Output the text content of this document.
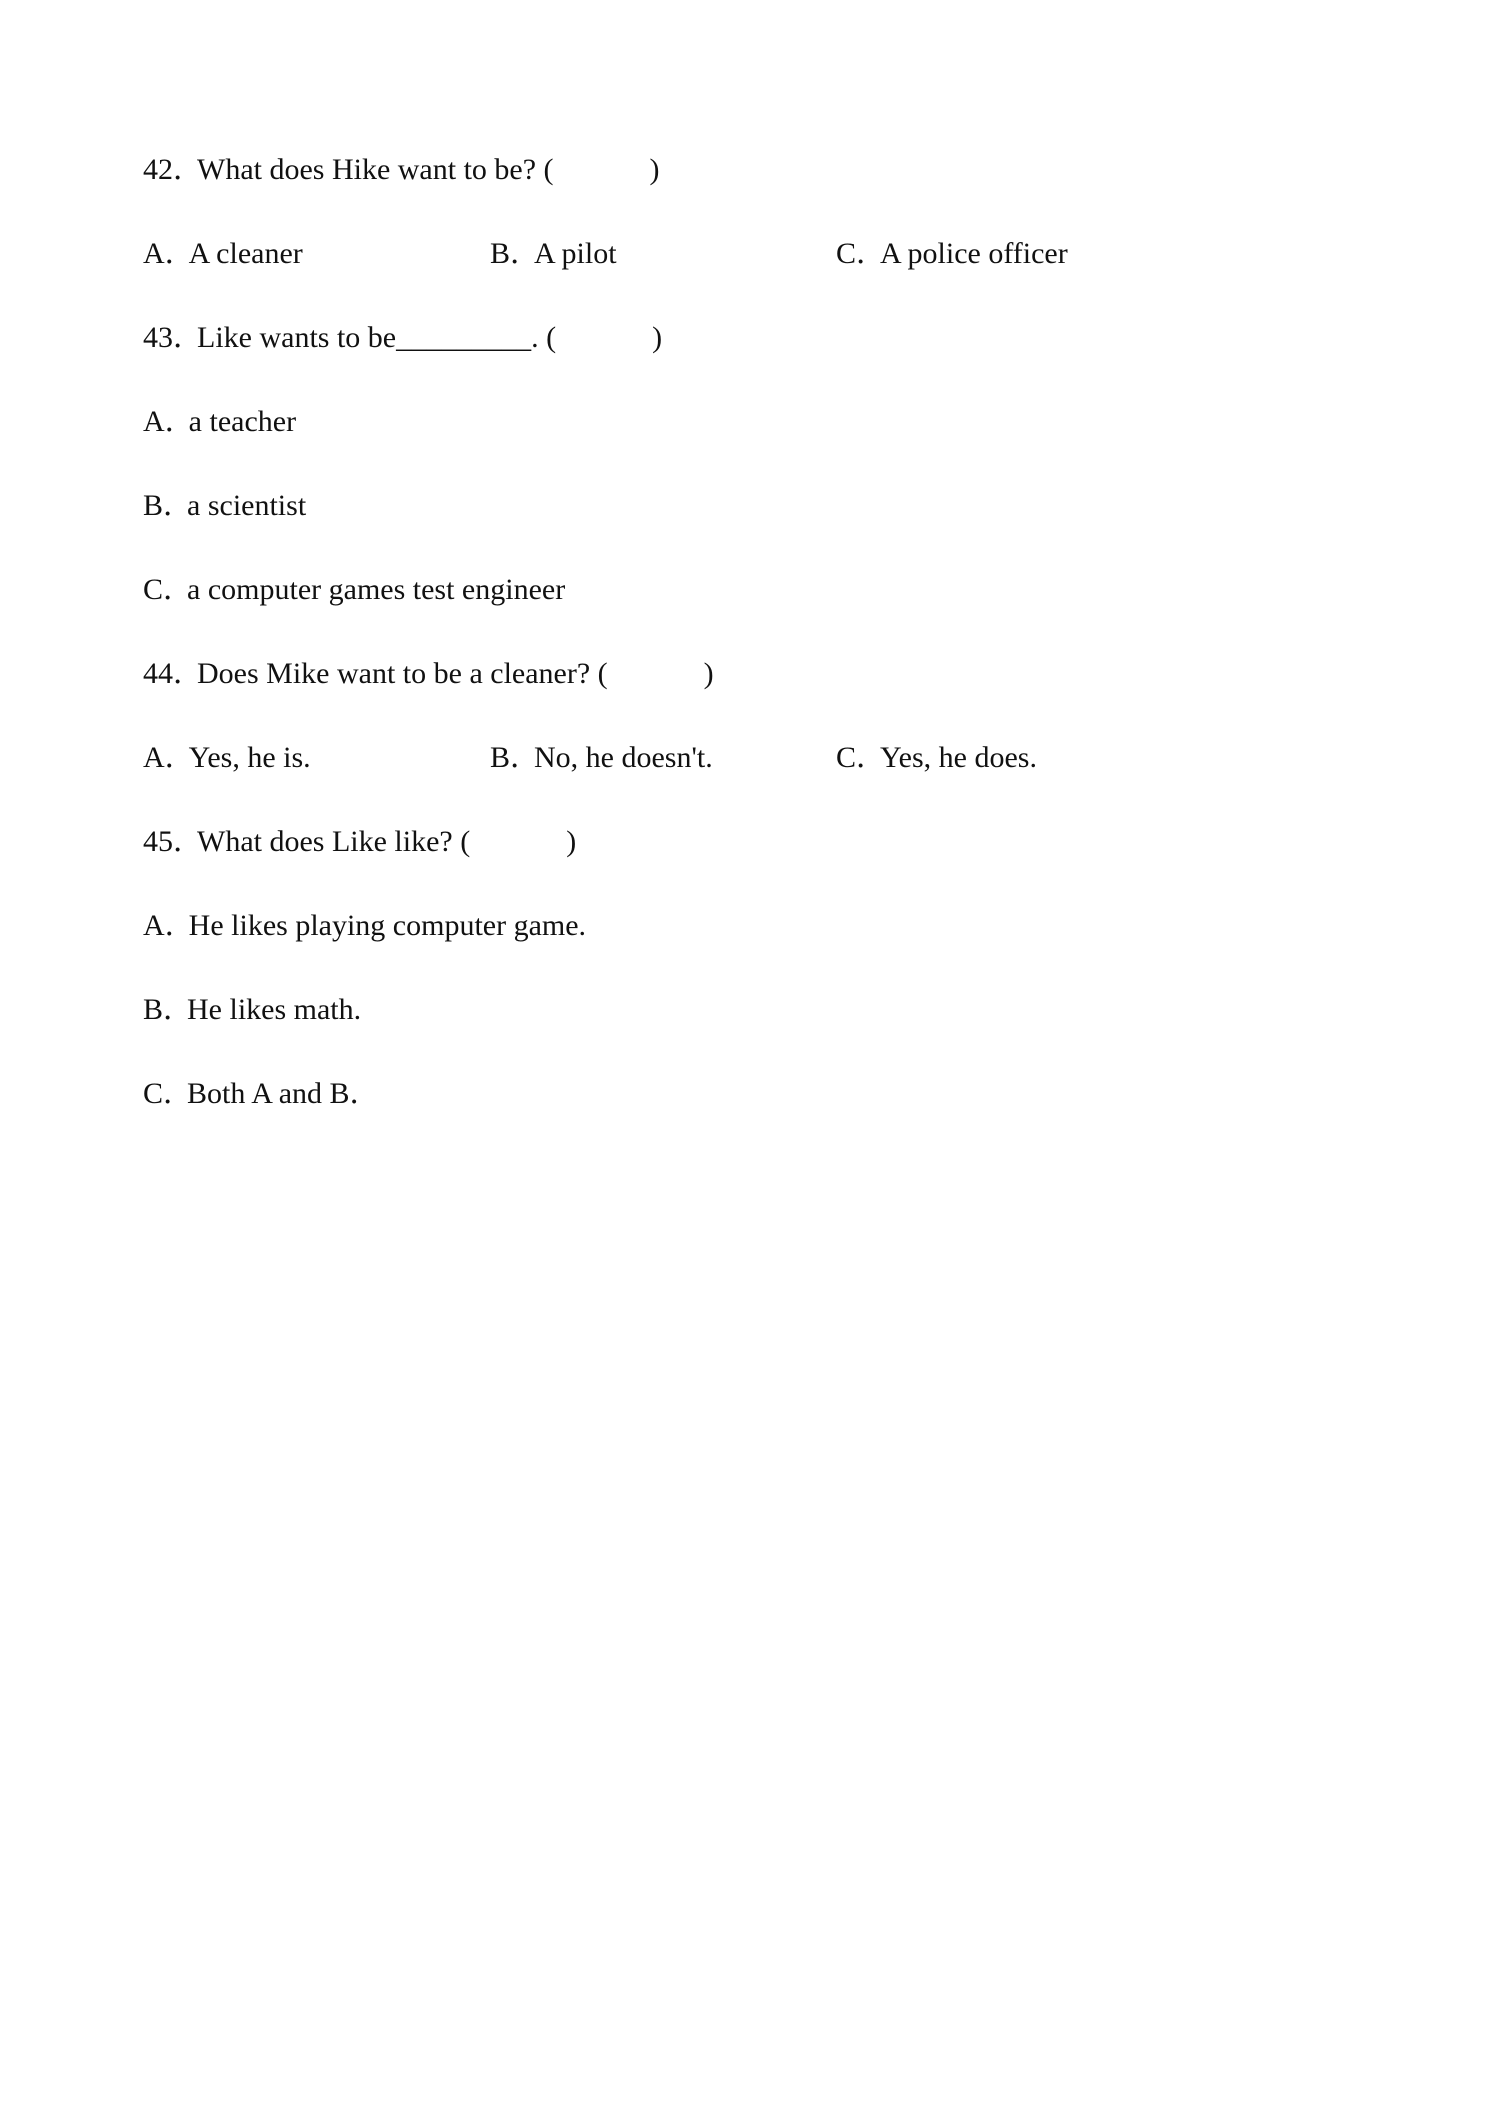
42．What does Hike want to be? (	)
A．A cleaner	B．A pilot	C．A police officer
43．Like wants to be_________. (	)
A．a teacher
B．a scientist
C．a computer games test engineer
44．Does Mike want to be a cleaner? (	)
A．Yes, he is.	B．No, he doesn't.	C．Yes, he does.
45．What does Like like? (	)
A．He likes playing computer game.
B．He likes math.
C．Both A and B．
